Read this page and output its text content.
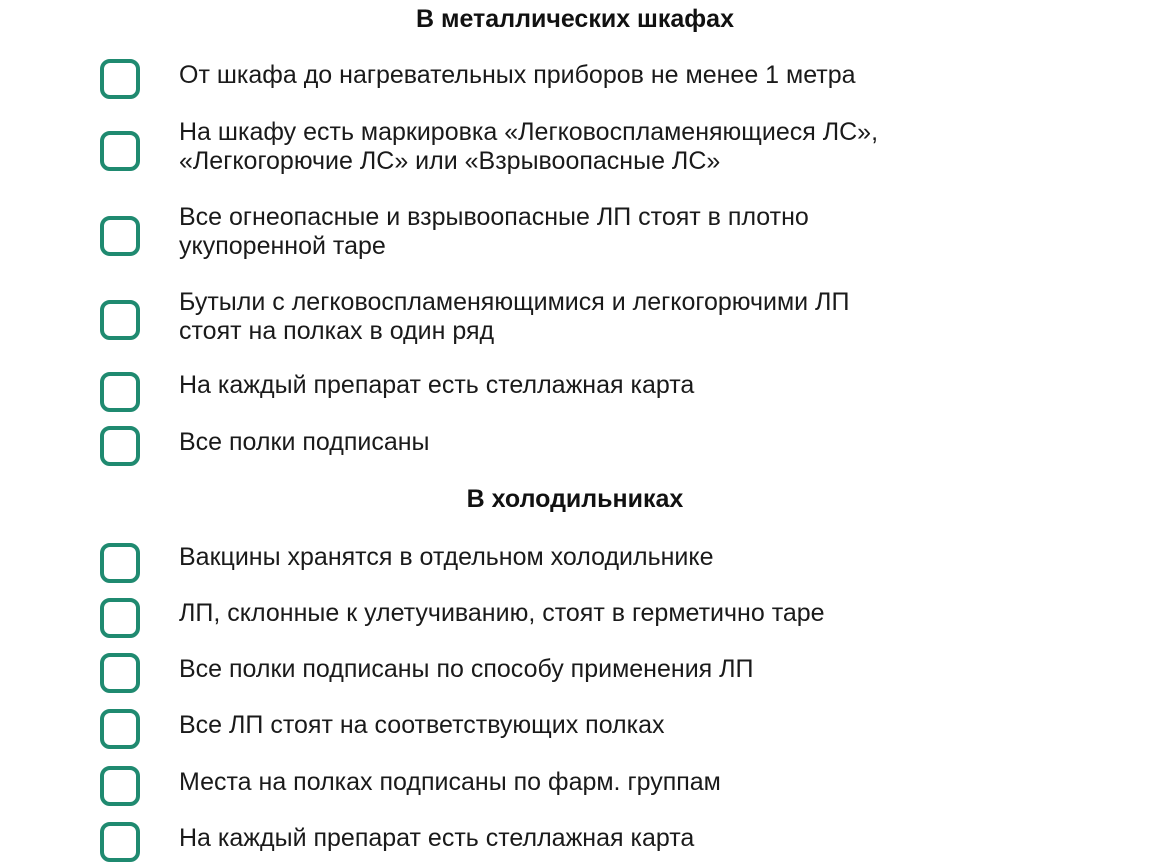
В металлических шкафах
От шкафа до нагревательных приборов не менее 1 метра
На шкафу есть маркировка «Легковоспламеняющиеся ЛС»,
«Легкогорючие ЛС» или «Взрывоопасные ЛС»
Все огнеопасные и взрывоопасные ЛП стоят в плотно
укупоренной таре
Бутыли с легковоспламеняющимися и легкогорючими ЛП
стоят на полках в один ряд
На каждый препарат есть стеллажная карта
Все полки подписаны
В холодильниках
Вакцины хранятся в отдельном холодильнике
ЛП, склонные к улетучиванию, стоят в герметично таре
Все полки подписаны по способу применения ЛП
Все ЛП стоят на соответствующих полках
Места на полках подписаны по фарм. группам
На каждый препарат есть стеллажная карта
